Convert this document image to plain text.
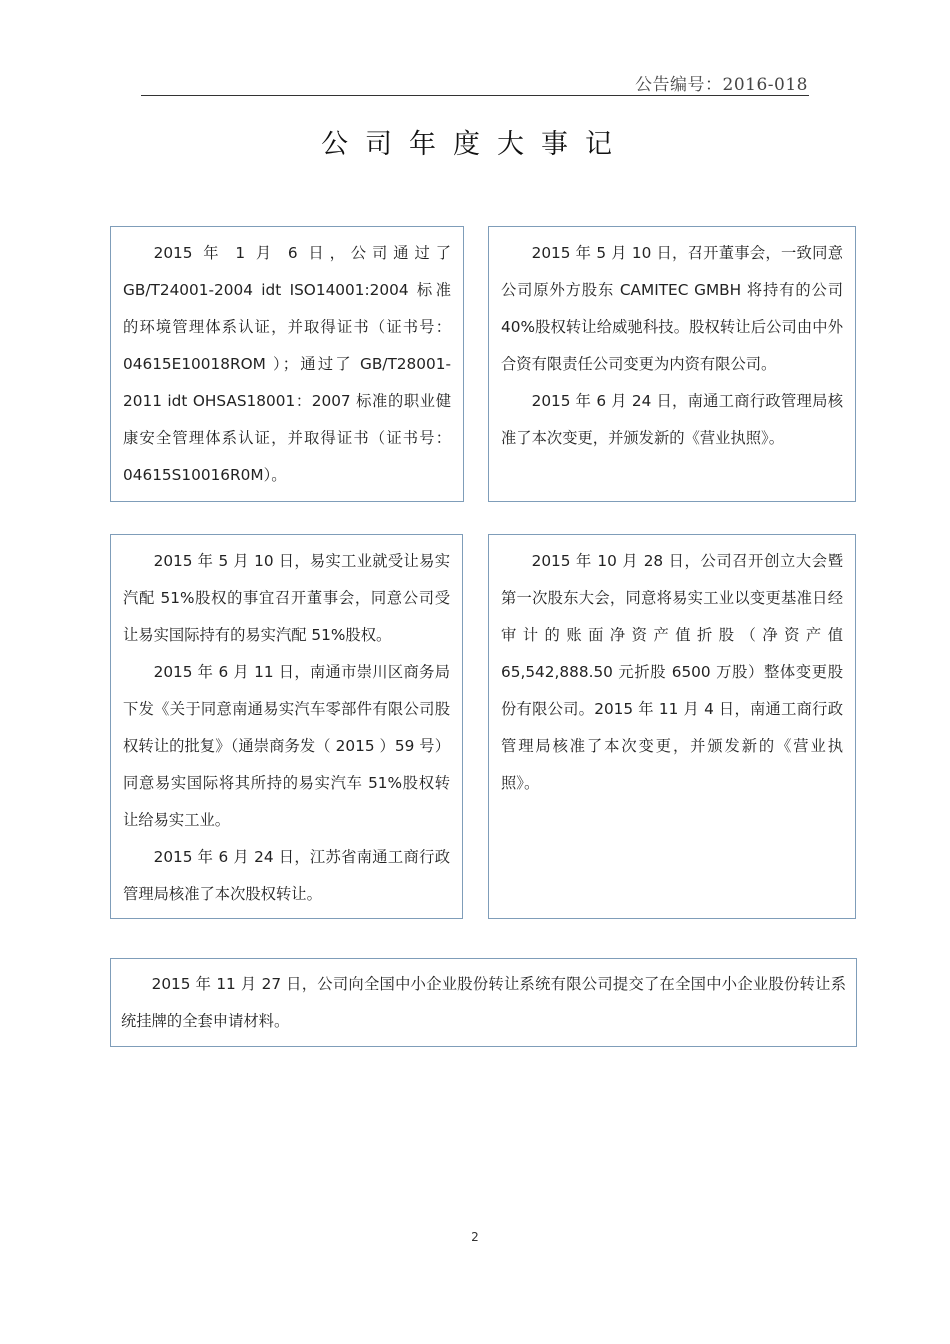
公告编号：2016-018
公司年度大事记

2015 年 1 月 6 日，公司通过了 GB/T24001-2004 idt ISO14001:2004 标准的环境管理体系认证，并取得证书（证书号：04615E10018ROM ）；通过了 GB/T28001-2011 idt OHSAS18001：2007 标准的职业健康安全管理体系认证，并取得证书（证书号：04615S10016R0M）。

2015 年 5 月 10 日，召开董事会，一致同意公司原外方股东 CAMITEC GMBH 将持有的公司 40%股权转让给威驰科技。股权转让后公司由中外合资有限责任公司变更为内资有限公司。

2015 年 6 月 24 日，南通工商行政管理局核准了本次变更，并颁发新的《营业执照》。

2015 年 5 月 10 日，易实工业就受让易实汽配 51%股权的事宜召开董事会，同意公司受让易实国际持有的易实汽配 51%股权。

2015 年 6 月 11 日，南通市崇川区商务局下发《关于同意南通易实汽车零部件有限公司股权转让的批复》（通崇商务发（ 2015 ）59 号）同意易实国际将其所持的易实汽车 51%股权转让给易实工业。

2015 年 6 月 24 日，江苏省南通工商行政管理局核准了本次股权转让。

2015 年 10 月 28 日，公司召开创立大会暨第一次股东大会，同意将易实工业以变更基准日经审计的账面净资产值折股（净资产值 65,542,888.50 元折股 6500 万股）整体变更股份有限公司。2015 年 11 月 4 日，南通工商行政管理局核准了本次变更，并颁发新的《营业执照》。

2015 年 11 月 27 日，公司向全国中小企业股份转让系统有限公司提交了在全国中小企业股份转让系统挂牌的全套申请材料。

2
